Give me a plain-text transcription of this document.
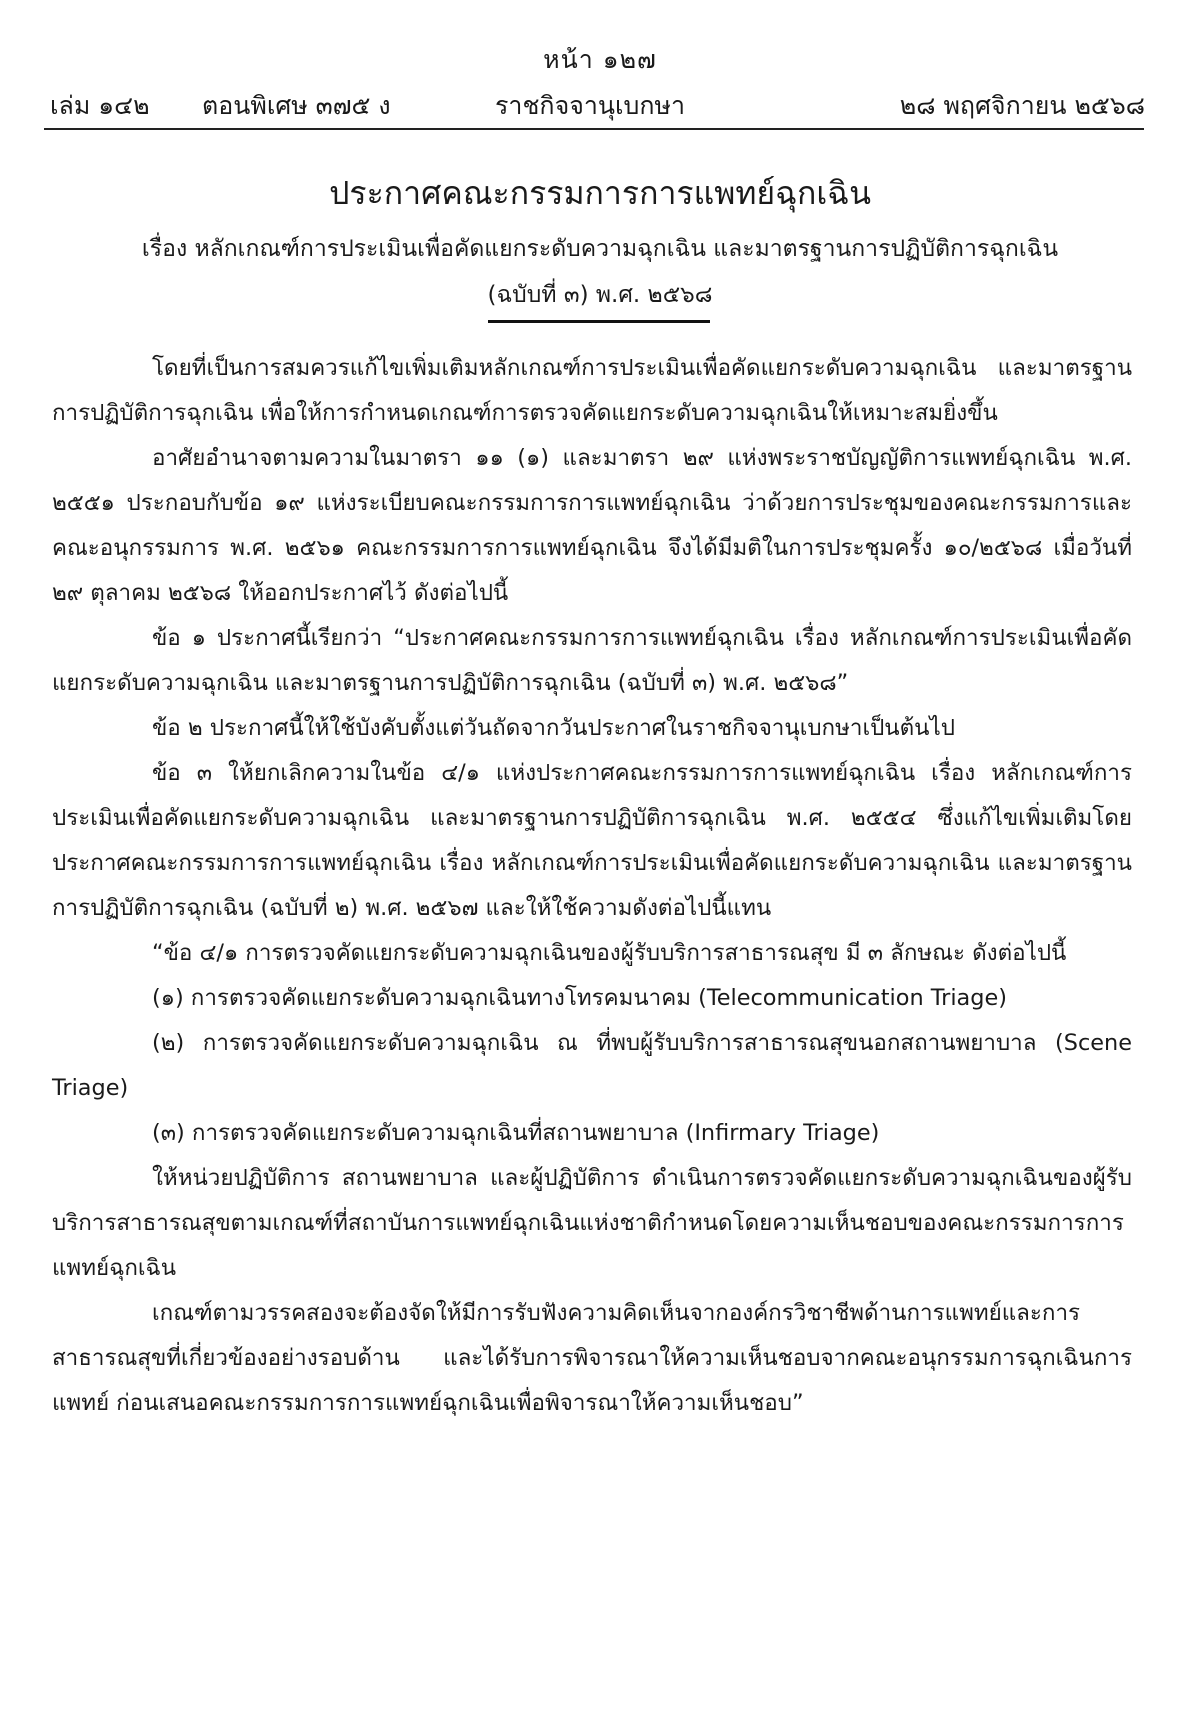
หน้า ๑๒๗
เล่ม ๑๔๒ ตอนพิเศษ ๓๗๕ ง	ราชกิจจานุเบกษา	๒๘ พฤศจิกายน ๒๕๖๘
ประกาศคณะกรรมการการแพทย์ฉุกเฉิน
เรื่อง หลักเกณฑ์การประเมินเพื่อคัดแยกระดับความฉุกเฉิน และมาตรฐานการปฏิบัติการฉุกเฉิน
(ฉบับที่ ๓) พ.ศ. ๒๕๖๘

โดยที่เป็นการสมควรแก้ไขเพิ่มเติมหลักเกณฑ์การประเมินเพื่อคัดแยกระดับความฉุกเฉิน และมาตรฐานการปฏิบัติการฉุกเฉิน เพื่อให้การกำหนดเกณฑ์การตรวจคัดแยกระดับความฉุกเฉินให้เหมาะสมยิ่งขึ้น

อาศัยอำนาจตามความในมาตรา ๑๑ (๑) และมาตรา ๒๙ แห่งพระราชบัญญัติการแพทย์ฉุกเฉิน พ.ศ. ๒๕๕๑ ประกอบกับข้อ ๑๙ แห่งระเบียบคณะกรรมการการแพทย์ฉุกเฉิน ว่าด้วยการประชุมของคณะกรรมการและคณะอนุกรรมการ พ.ศ. ๒๕๖๑ คณะกรรมการการแพทย์ฉุกเฉิน จึงได้มีมติในการประชุมครั้ง ๑๐/๒๕๖๘ เมื่อวันที่ ๒๙ ตุลาคม ๒๕๖๘ ให้ออกประกาศไว้ ดังต่อไปนี้

ข้อ ๑ ประกาศนี้เรียกว่า “ประกาศคณะกรรมการการแพทย์ฉุกเฉิน เรื่อง หลักเกณฑ์การประเมินเพื่อคัดแยกระดับความฉุกเฉิน และมาตรฐานการปฏิบัติการฉุกเฉิน (ฉบับที่ ๓) พ.ศ. ๒๕๖๘”

ข้อ ๒ ประกาศนี้ให้ใช้บังคับตั้งแต่วันถัดจากวันประกาศในราชกิจจานุเบกษาเป็นต้นไป

ข้อ ๓ ให้ยกเลิกความในข้อ ๔/๑ แห่งประกาศคณะกรรมการการแพทย์ฉุกเฉิน เรื่อง หลักเกณฑ์การประเมินเพื่อคัดแยกระดับความฉุกเฉิน และมาตรฐานการปฏิบัติการฉุกเฉิน พ.ศ. ๒๕๕๔ ซึ่งแก้ไขเพิ่มเติมโดยประกาศคณะกรรมการการแพทย์ฉุกเฉิน เรื่อง หลักเกณฑ์การประเมินเพื่อคัดแยกระดับความฉุกเฉิน และมาตรฐานการปฏิบัติการฉุกเฉิน (ฉบับที่ ๒) พ.ศ. ๒๕๖๗ และให้ใช้ความดังต่อไปนี้แทน

“ข้อ ๔/๑ การตรวจคัดแยกระดับความฉุกเฉินของผู้รับบริการสาธารณสุข มี ๓ ลักษณะ ดังต่อไปนี้

(๑) การตรวจคัดแยกระดับความฉุกเฉินทางโทรคมนาคม (Telecommunication Triage)

(๒) การตรวจคัดแยกระดับความฉุกเฉิน ณ ที่พบผู้รับบริการสาธารณสุขนอกสถานพยาบาล (Scene Triage)

(๓) การตรวจคัดแยกระดับความฉุกเฉินที่สถานพยาบาล (Infirmary Triage)

ให้หน่วยปฏิบัติการ สถานพยาบาล และผู้ปฏิบัติการ ดำเนินการตรวจคัดแยกระดับความฉุกเฉินของผู้รับบริการสาธารณสุขตามเกณฑ์ที่สถาบันการแพทย์ฉุกเฉินแห่งชาติกำหนดโดยความเห็นชอบของคณะกรรมการการแพทย์ฉุกเฉิน

เกณฑ์ตามวรรคสองจะต้องจัดให้มีการรับฟังความคิดเห็นจากองค์กรวิชาชีพด้านการแพทย์และการสาธารณสุขที่เกี่ยวข้องอย่างรอบด้าน และได้รับการพิจารณาให้ความเห็นชอบจากคณะอนุกรรมการฉุกเฉินการแพทย์ ก่อนเสนอคณะกรรมการการแพทย์ฉุกเฉินเพื่อพิจารณาให้ความเห็นชอบ”
